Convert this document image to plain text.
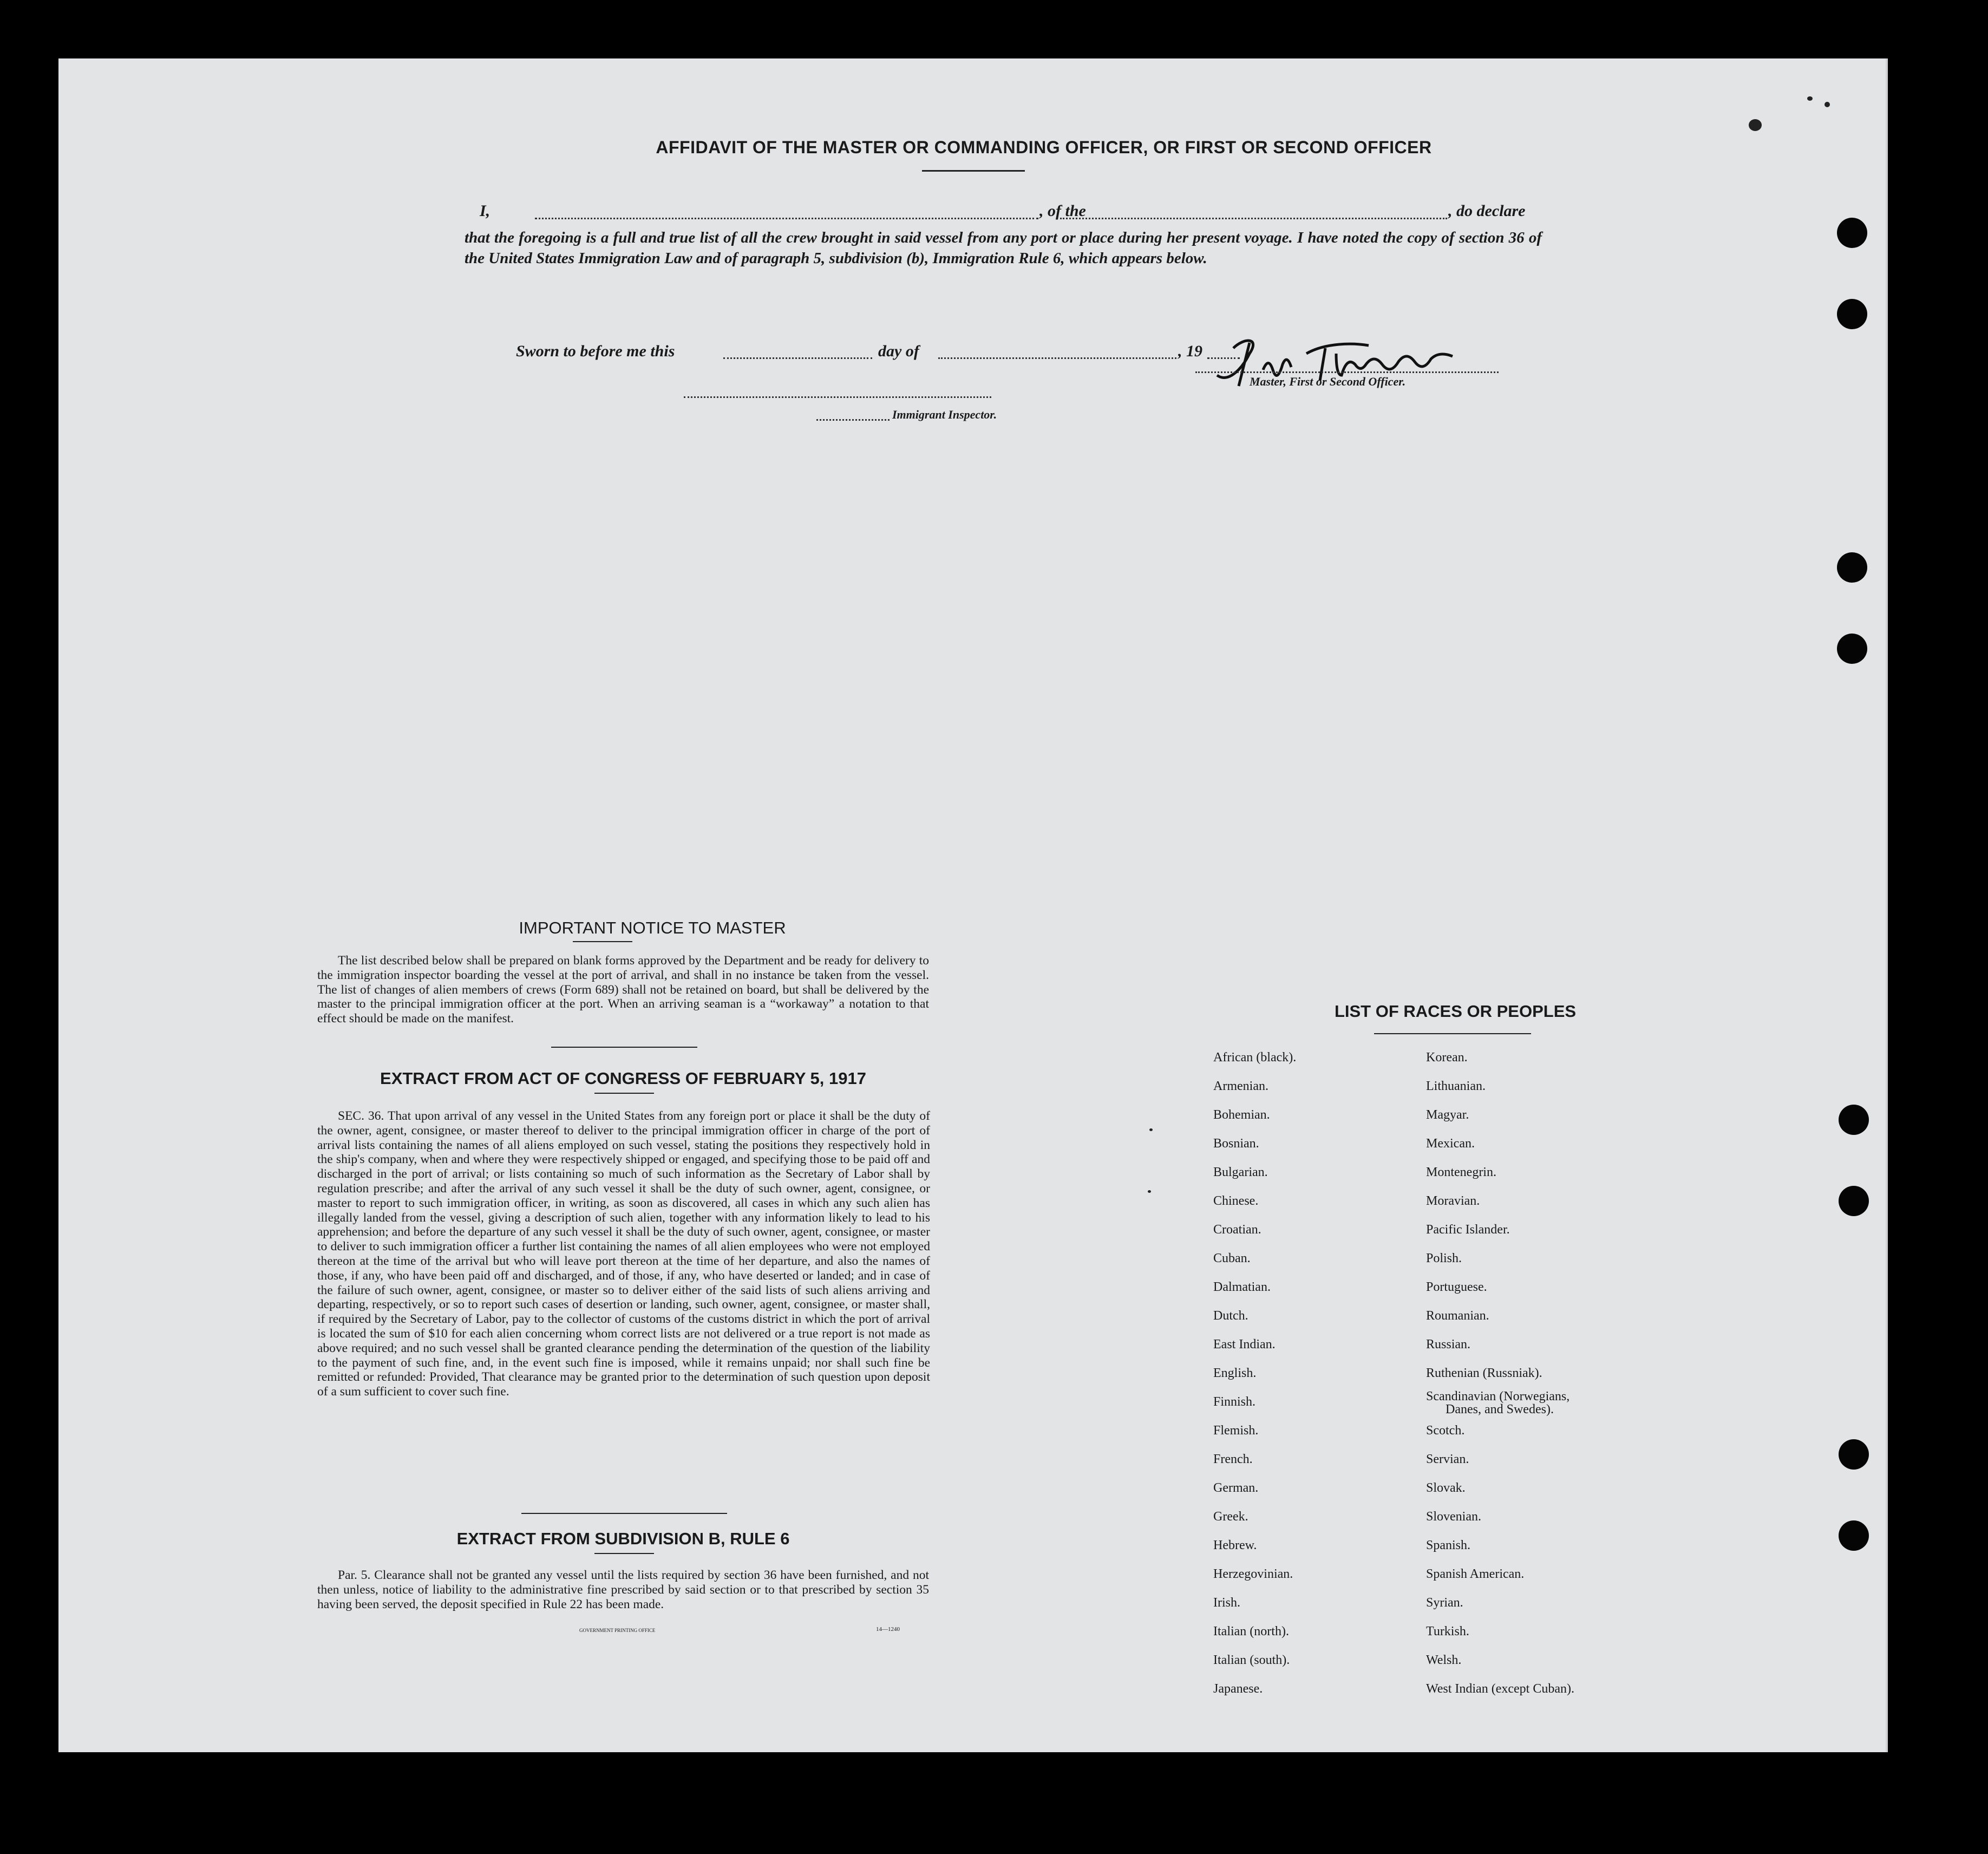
AFFIDAVIT OF THE MASTER OR COMMANDING OFFICER, OR FIRST OR SECOND OFFICER
I,	, of the	, do declare
that the foregoing is a full and true list of all the crew brought in said vessel from any port or place during her present voyage. I have noted the copy of section 36 of the United States Immigration Law and of paragraph 5, subdivision (b), Immigration Rule 6, which appears below.
Master, First or Second Officer.
Sworn to before me this	day of	, 19
Immigrant Inspector.
IMPORTANT NOTICE TO MASTER
The list described below shall be prepared on blank forms approved by the Department and be ready for delivery to the immigration inspector boarding the vessel at the port of arrival, and shall in no instance be taken from the vessel. The list of changes of alien members of crews (Form 689) shall not be retained on board, but shall be delivered by the master to the principal immigration officer at the port. When an arriving seaman is a “workaway” a notation to that effect should be made on the manifest.
EXTRACT FROM ACT OF CONGRESS OF FEBRUARY 5, 1917
SEC. 36. That upon arrival of any vessel in the United States from any foreign port or place it shall be the duty of the owner, agent, consignee, or master thereof to deliver to the principal immigration officer in charge of the port of arrival lists containing the names of all aliens employed on such vessel, stating the positions they respectively hold in the ship's company, when and where they were respectively shipped or engaged, and specifying those to be paid off and discharged in the port of arrival; or lists containing so much of such information as the Secretary of Labor shall by regulation prescribe; and after the arrival of any such vessel it shall be the duty of such owner, agent, consignee, or master to report to such immigration officer, in writing, as soon as discovered, all cases in which any such alien has illegally landed from the vessel, giving a description of such alien, together with any information likely to lead to his apprehension; and before the departure of any such vessel it shall be the duty of such owner, agent, consignee, or master to deliver to such immigration officer a further list containing the names of all alien employees who were not employed thereon at the time of the arrival but who will leave port thereon at the time of her departure, and also the names of those, if any, who have been paid off and discharged, and of those, if any, who have deserted or landed; and in case of the failure of such owner, agent, consignee, or master so to deliver either of the said lists of such aliens arriving and departing, respectively, or so to report such cases of desertion or landing, such owner, agent, consignee, or master shall, if required by the Secretary of Labor, pay to the collector of customs of the customs district in which the port of arrival is located the sum of $10 for each alien concerning whom correct lists are not delivered or a true report is not made as above required; and no such vessel shall be granted clearance pending the determination of the question of the liability to the payment of such fine, and, in the event such fine is imposed, while it remains unpaid; nor shall such fine be remitted or refunded: Provided, That clearance may be granted prior to the determination of such question upon deposit of a sum sufficient to cover such fine.
EXTRACT FROM SUBDIVISION B, RULE 6
Par. 5. Clearance shall not be granted any vessel until the lists required by section 36 have been furnished, and not then unless, notice of liability to the administrative fine prescribed by said section or to that prescribed by section 35 having been served, the deposit specified in Rule 22 has been made.
GOVERNMENT PRINTING OFFICE	14—1240
LIST OF RACES OR PEOPLES
African (black).
Armenian.
Bohemian.
Bosnian.
Bulgarian.
Chinese.
Croatian.
Cuban.
Dalmatian.
Dutch.
East Indian.
English.
Finnish.
Flemish.
French.
German.
Greek.
Hebrew.
Herzegovinian.
Irish.
Italian (north).
Italian (south).
Japanese.
Korean.
Lithuanian.
Magyar.
Mexican.
Montenegrin.
Moravian.
Pacific Islander.
Polish.
Portuguese.
Roumanian.
Russian.
Ruthenian (Russniak).
Scandinavian (Norwegians,
Danes, and Swedes).
Scotch.
Servian.
Slovak.
Slovenian.
Spanish.
Spanish American.
Syrian.
Turkish.
Welsh.
West Indian (except Cuban).
